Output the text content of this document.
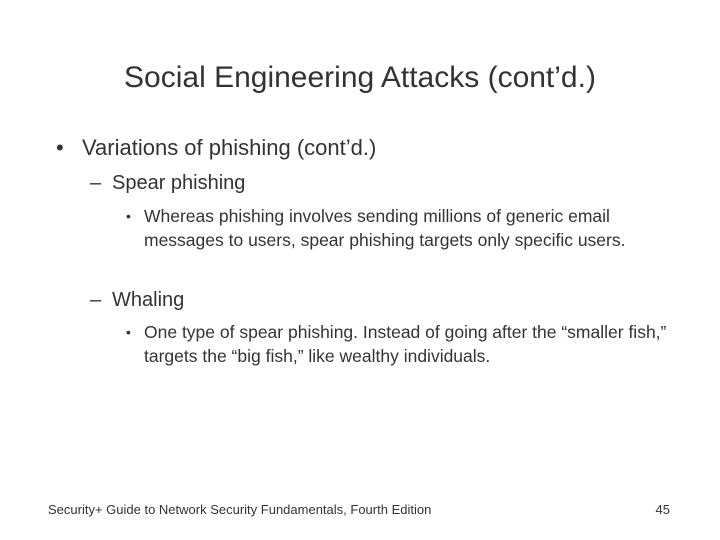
Social Engineering Attacks (cont’d.)
• Variations of phishing (cont’d.)
– Spear phishing
• Whereas phishing involves sending millions of generic email messages to users, spear phishing targets only specific users.
– Whaling
• One type of spear phishing. Instead of going after the “smaller fish,” targets the “big fish,” like wealthy individuals.
Security+ Guide to Network Security Fundamentals, Fourth Edition	45
